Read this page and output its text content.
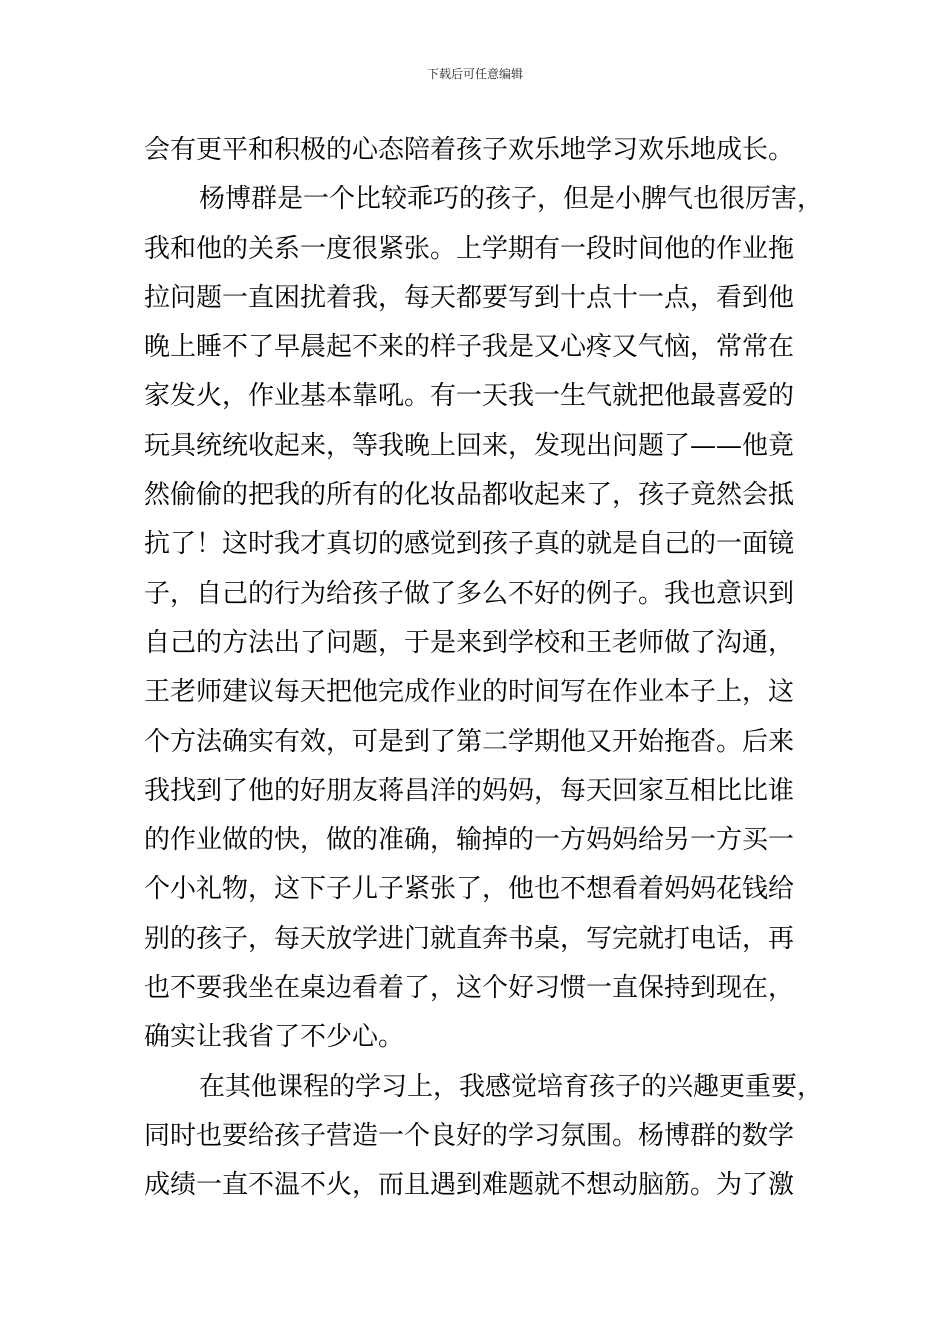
下载后可任意编辑
会有更平和积极的心态陪着孩子欢乐地学习欢乐地成长。
杨博群是一个比较乖巧的孩子，但是小脾气也很厉害，
我和他的关系一度很紧张。上学期有一段时间他的作业拖
拉问题一直困扰着我，每天都要写到十点十一点，看到他
晚上睡不了早晨起不来的样子我是又心疼又气恼，常常在
家发火，作业基本靠吼。有一天我一生气就把他最喜爱的
玩具统统收起来，等我晚上回来，发现出问题了——他竟
然偷偷的把我的所有的化妆品都收起来了，孩子竟然会抵
抗了！这时我才真切的感觉到孩子真的就是自己的一面镜
子，自己的行为给孩子做了多么不好的例子。我也意识到
自己的方法出了问题，于是来到学校和王老师做了沟通，
王老师建议每天把他完成作业的时间写在作业本子上，这
个方法确实有效，可是到了第二学期他又开始拖沓。后来
我找到了他的好朋友蒋昌洋的妈妈，每天回家互相比比谁
的作业做的快，做的准确，输掉的一方妈妈给另一方买一
个小礼物，这下子儿子紧张了，他也不想看着妈妈花钱给
别的孩子，每天放学进门就直奔书桌，写完就打电话，再
也不要我坐在桌边看着了，这个好习惯一直保持到现在，
确实让我省了不少心。
在其他课程的学习上，我感觉培育孩子的兴趣更重要，
同时也要给孩子营造一个良好的学习氛围。杨博群的数学
成绩一直不温不火，而且遇到难题就不想动脑筋。为了激
